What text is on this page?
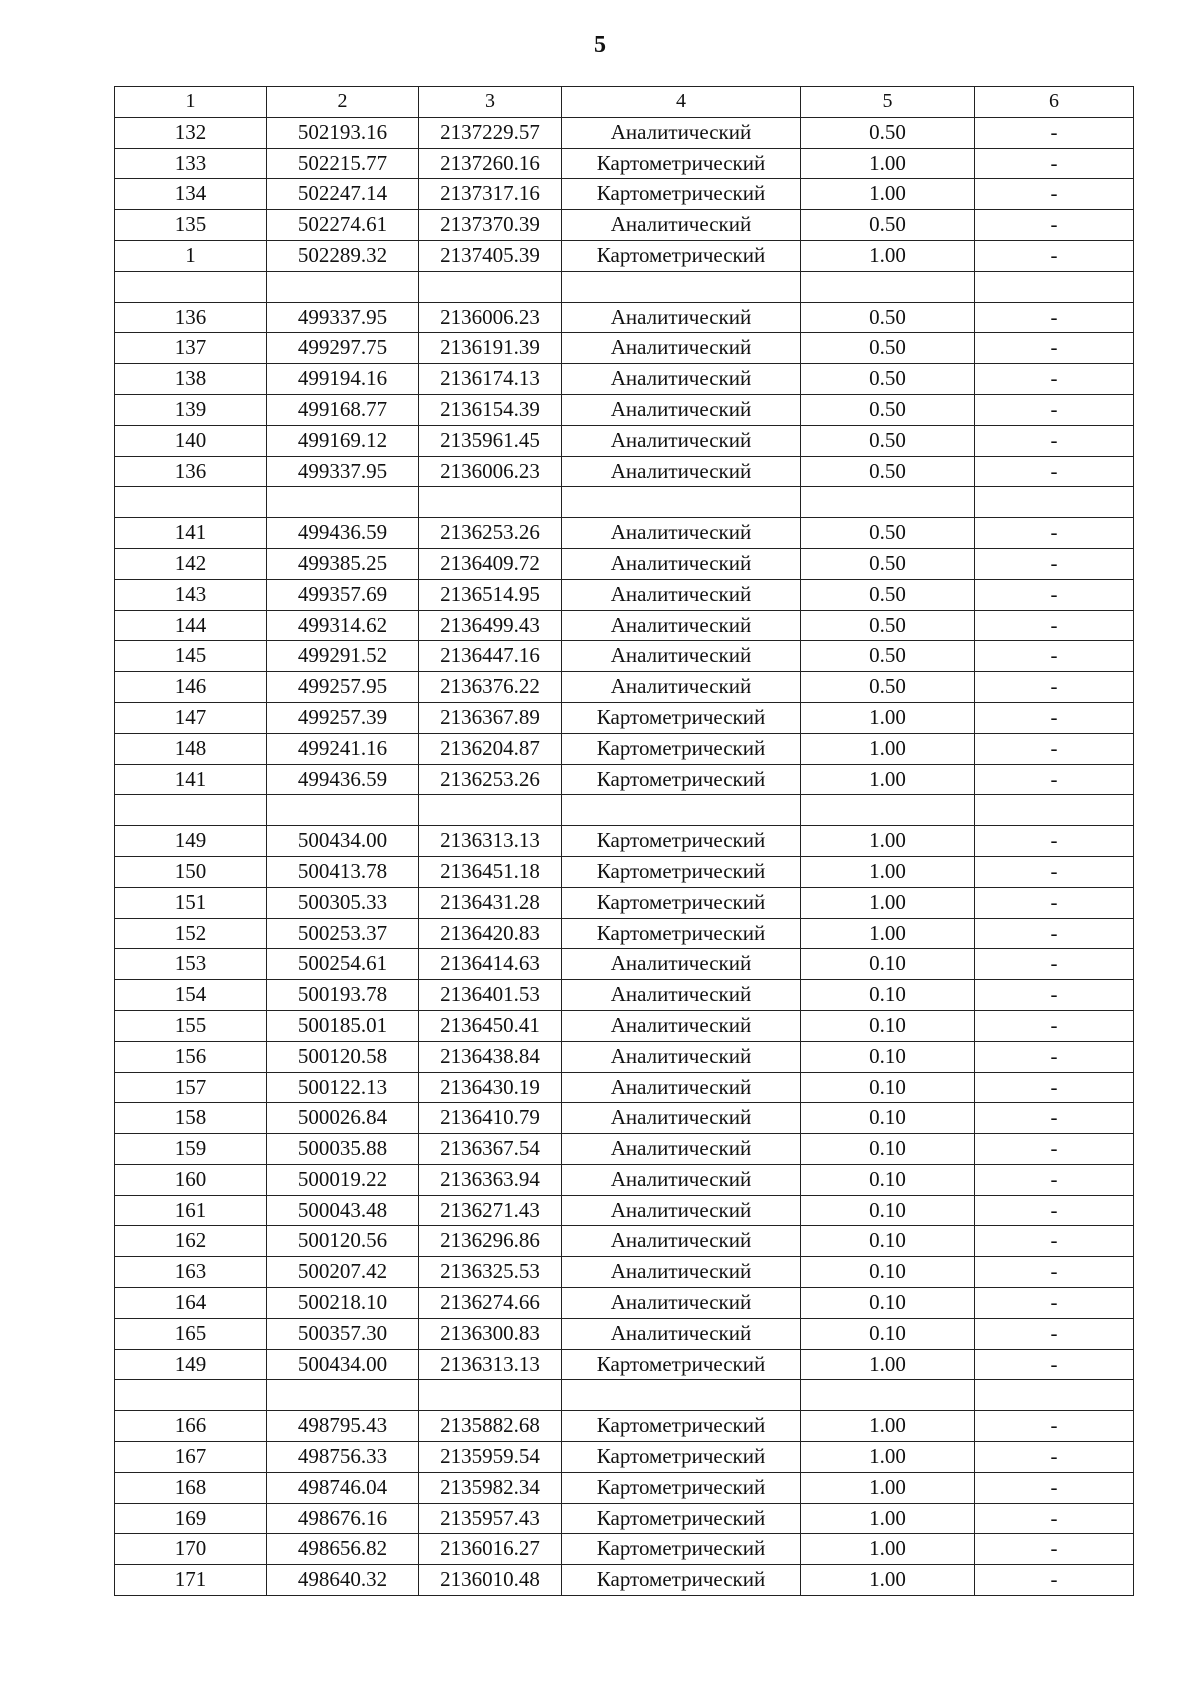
5
1	2	3	4	5	6
132	502193.16	2137229.57	Аналитический	0.50	-
133	502215.77	2137260.16	Картометрический	1.00	-
134	502247.14	2137317.16	Картометрический	1.00	-
135	502274.61	2137370.39	Аналитический	0.50	-
1	502289.32	2137405.39	Картометрический	1.00	-

136	499337.95	2136006.23	Аналитический	0.50	-
137	499297.75	2136191.39	Аналитический	0.50	-
138	499194.16	2136174.13	Аналитический	0.50	-
139	499168.77	2136154.39	Аналитический	0.50	-
140	499169.12	2135961.45	Аналитический	0.50	-
136	499337.95	2136006.23	Аналитический	0.50	-

141	499436.59	2136253.26	Аналитический	0.50	-
142	499385.25	2136409.72	Аналитический	0.50	-
143	499357.69	2136514.95	Аналитический	0.50	-
144	499314.62	2136499.43	Аналитический	0.50	-
145	499291.52	2136447.16	Аналитический	0.50	-
146	499257.95	2136376.22	Аналитический	0.50	-
147	499257.39	2136367.89	Картометрический	1.00	-
148	499241.16	2136204.87	Картометрический	1.00	-
141	499436.59	2136253.26	Картометрический	1.00	-

149	500434.00	2136313.13	Картометрический	1.00	-
150	500413.78	2136451.18	Картометрический	1.00	-
151	500305.33	2136431.28	Картометрический	1.00	-
152	500253.37	2136420.83	Картометрический	1.00	-
153	500254.61	2136414.63	Аналитический	0.10	-
154	500193.78	2136401.53	Аналитический	0.10	-
155	500185.01	2136450.41	Аналитический	0.10	-
156	500120.58	2136438.84	Аналитический	0.10	-
157	500122.13	2136430.19	Аналитический	0.10	-
158	500026.84	2136410.79	Аналитический	0.10	-
159	500035.88	2136367.54	Аналитический	0.10	-
160	500019.22	2136363.94	Аналитический	0.10	-
161	500043.48	2136271.43	Аналитический	0.10	-
162	500120.56	2136296.86	Аналитический	0.10	-
163	500207.42	2136325.53	Аналитический	0.10	-
164	500218.10	2136274.66	Аналитический	0.10	-
165	500357.30	2136300.83	Аналитический	0.10	-
149	500434.00	2136313.13	Картометрический	1.00	-

166	498795.43	2135882.68	Картометрический	1.00	-
167	498756.33	2135959.54	Картометрический	1.00	-
168	498746.04	2135982.34	Картометрический	1.00	-
169	498676.16	2135957.43	Картометрический	1.00	-
170	498656.82	2136016.27	Картометрический	1.00	-
171	498640.32	2136010.48	Картометрический	1.00	-
